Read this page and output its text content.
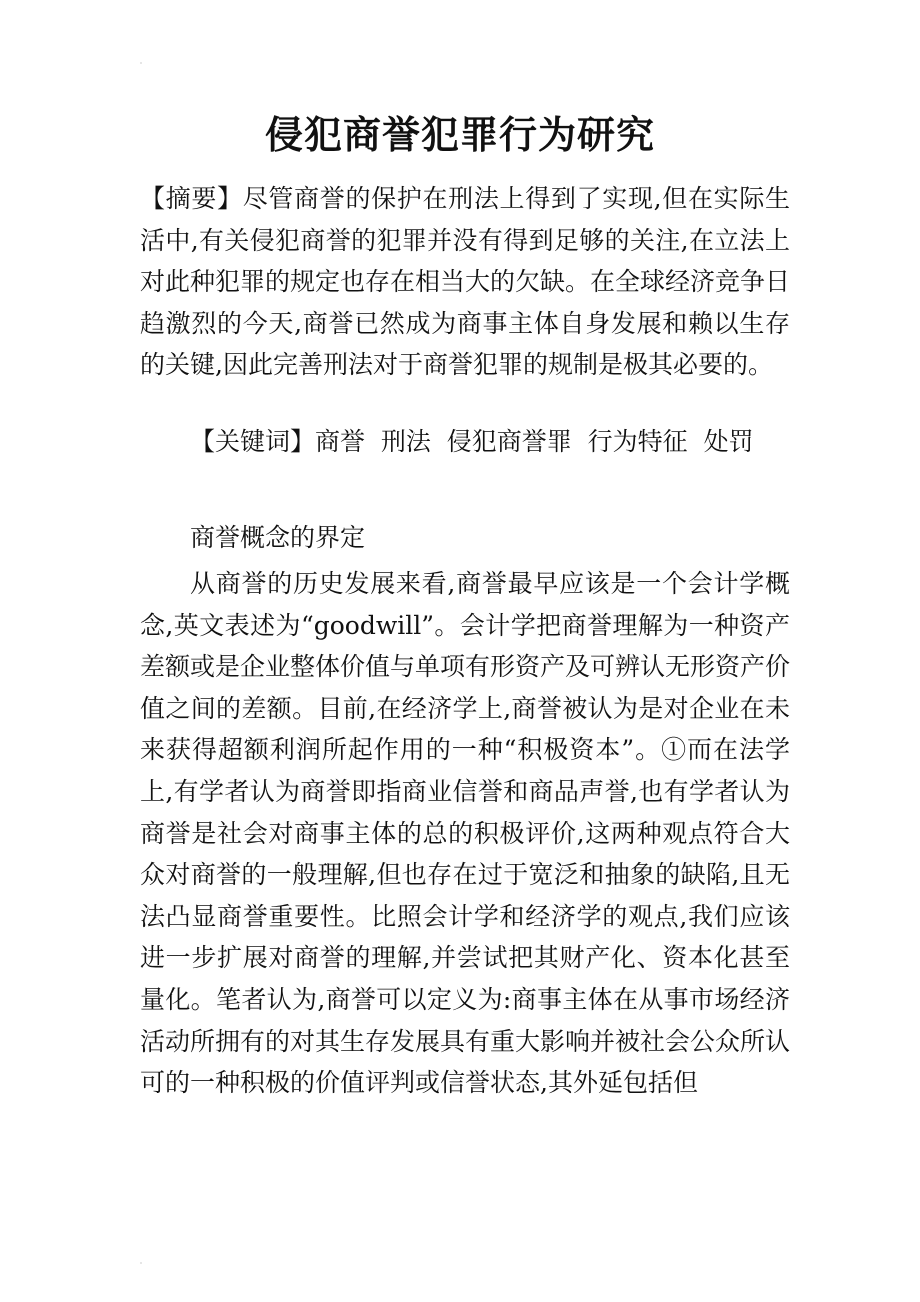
侵犯商誉犯罪行为研究

【摘要】尽管商誉的保护在刑法上得到了实现,但在实际生活中,有关侵犯商誉的犯罪并没有得到足够的关注,在立法上对此种犯罪的规定也存在相当大的欠缺。在全球经济竞争日趋激烈的今天,商誉已然成为商事主体自身发展和赖以生存的关键,因此完善刑法对于商誉犯罪的规制是极其必要的。

【关键词】商誉  刑法  侵犯商誉罪  行为特征  处罚

商誉概念的界定

从商誉的历史发展来看,商誉最早应该是一个会计学概念,英文表述为“goodwill”。会计学把商誉理解为一种资产差额或是企业整体价值与单项有形资产及可辨认无形资产价值之间的差额。目前,在经济学上,商誉被认为是对企业在未来获得超额利润所起作用的一种“积极资本”。①而在法学上,有学者认为商誉即指商业信誉和商品声誉,也有学者认为商誉是社会对商事主体的总的积极评价,这两种观点符合大众对商誉的一般理解,但也存在过于宽泛和抽象的缺陷,且无法凸显商誉重要性。比照会计学和经济学的观点,我们应该进一步扩展对商誉的理解,并尝试把其财产化、资本化甚至量化。笔者认为,商誉可以定义为:商事主体在从事市场经济活动所拥有的对其生存发展具有重大影响并被社会公众所认可的一种积极的价值评判或信誉状态,其外延包括但
